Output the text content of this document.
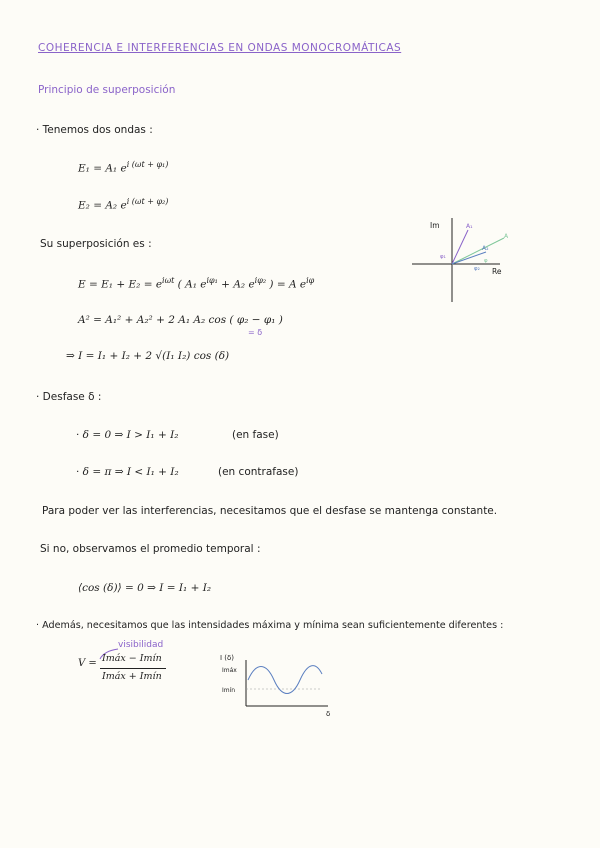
COHERENCIA E INTERFERENCIAS EN ONDAS MONOCROMÁTICAS
Principio de superposición
· Tenemos dos ondas :
E₁ = A₁ $e^{i (\omega t + \varphi_1)}$
E₂ = A₂ $e^{i (\omega t + \varphi_2)}$
Su superposición es :
$E = E_1 + E_2 = e^{i\omega t}$ ( A₁ $e^{i\varphi_1} + A_2$ $e^{i\varphi_2}$ ) = A $e^{i\varphi}$
A² = A₁² + A₂² + 2 A₁ A₂ cos ( φ₂ − φ₁ )
= δ
⇒ I = I₁ + I₂ + 2 √(I₁ I₂) cos (δ)
· Desfase δ :
· δ = 0 ⇒ I > I₁ + I₂	(en fase)
· δ = π ⇒ I < I₁ + I₂	(en contrafase)
Para poder ver las interferencias, necesitamos que el desfase se mantenga constante.
Si no, observamos el promedio temporal :
⟨cos (δ)⟩ = 0 ⇒ I = I₁ + I₂
· Además, necesitamos que las intensidades máxima y mínima sean suficientemente diferentes :
visibilidad
V = Imáx − Imín
Imáx + Imín
Im
Re
A₁
A
A₂
φ₁
φ₂
φ
I (δ)
Imáx
Imín
δ
